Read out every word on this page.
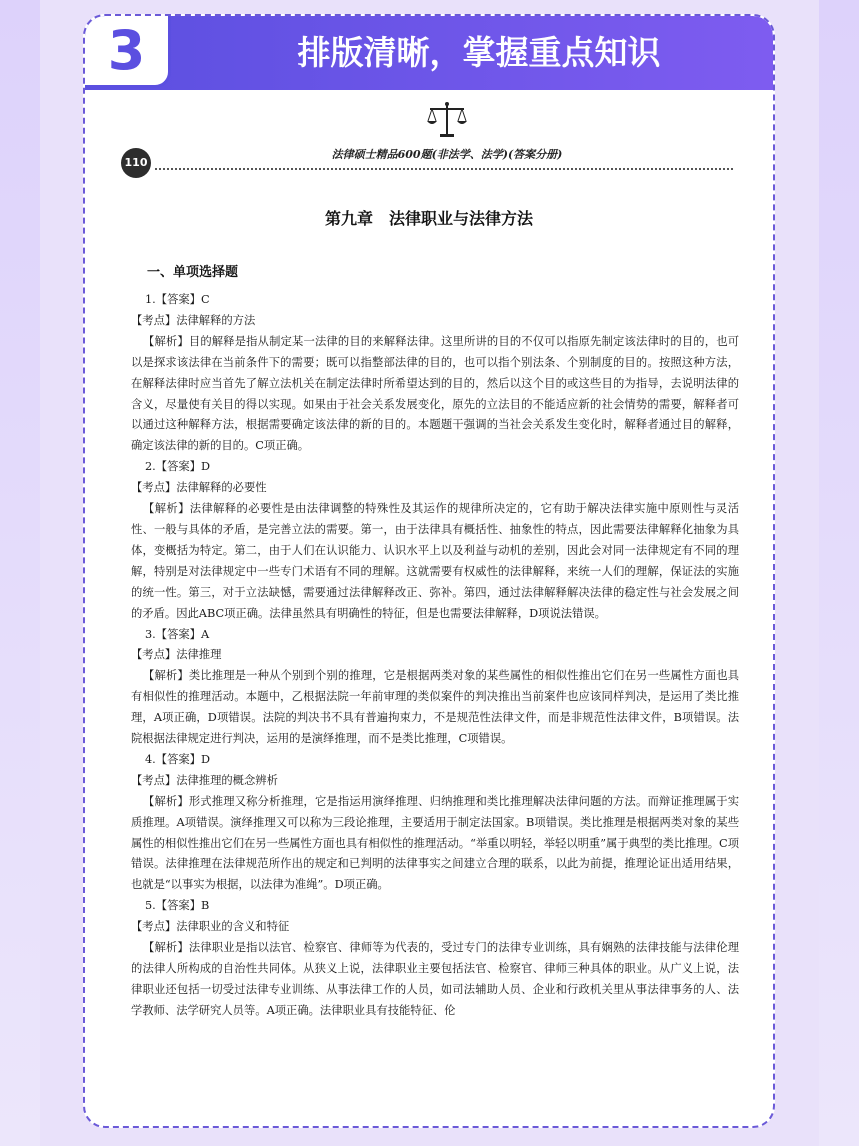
3	排版清晰，掌握重点知识
110
法律硕士精品600题(非法学、法学)(答案分册)
第九章　法律职业与法律方法
一、单项选择题

1.【答案】C

【考点】法律解释的方法

【解析】目的解释是指从制定某一法律的目的来解释法律。这里所讲的目的不仅可以指原先制定该法律时的目的，也可以是探求该法律在当前条件下的需要；既可以指整部法律的目的，也可以指个别法条、个别制度的目的。按照这种方法，在解释法律时应当首先了解立法机关在制定法律时所希望达到的目的，然后以这个目的或这些目的为指导，去说明法律的含义，尽量使有关目的得以实现。如果由于社会关系发展变化，原先的立法目的不能适应新的社会情势的需要，解释者可以通过这种解释方法，根据需要确定该法律的新的目的。本题题干强调的当社会关系发生变化时，解释者通过目的解释，确定该法律的新的目的。C项正确。

2.【答案】D

【考点】法律解释的必要性

【解析】法律解释的必要性是由法律调整的特殊性及其运作的规律所决定的，它有助于解决法律实施中原则性与灵活性、一般与具体的矛盾，是完善立法的需要。第一，由于法律具有概括性、抽象性的特点，因此需要法律解释化抽象为具体，变概括为特定。第二，由于人们在认识能力、认识水平上以及利益与动机的差别，因此会对同一法律规定有不同的理解，特别是对法律规定中一些专门术语有不同的理解。这就需要有权威性的法律解释，来统一人们的理解，保证法的实施的统一性。第三，对于立法缺憾，需要通过法律解释改正、弥补。第四，通过法律解释解决法律的稳定性与社会发展之间的矛盾。因此ABC项正确。法律虽然具有明确性的特征，但是也需要法律解释，D项说法错误。

3.【答案】A

【考点】法律推理

【解析】类比推理是一种从个别到个别的推理，它是根据两类对象的某些属性的相似性推出它们在另一些属性方面也具有相似性的推理活动。本题中，乙根据法院一年前审理的类似案件的判决推出当前案件也应该同样判决，是运用了类比推理，A项正确，D项错误。法院的判决书不具有普遍拘束力，不是规范性法律文件，而是非规范性法律文件，B项错误。法院根据法律规定进行判决，运用的是演绎推理，而不是类比推理，C项错误。

4.【答案】D

【考点】法律推理的概念辨析

【解析】形式推理又称分析推理，它是指运用演绎推理、归纳推理和类比推理解决法律问题的方法。而辩证推理属于实质推理。A项错误。演绎推理又可以称为三段论推理，主要适用于制定法国家。B项错误。类比推理是根据两类对象的某些属性的相似性推出它们在另一些属性方面也具有相似性的推理活动。“举重以明轻，举轻以明重”属于典型的类比推理。C项错误。法律推理在法律规范所作出的规定和已判明的法律事实之间建立合理的联系，以此为前提，推理论证出适用结果，也就是“以事实为根据，以法律为准绳”。D项正确。

5.【答案】B

【考点】法律职业的含义和特征

【解析】法律职业是指以法官、检察官、律师等为代表的，受过专门的法律专业训练，具有娴熟的法律技能与法律伦理的法律人所构成的自治性共同体。从狭义上说，法律职业主要包括法官、检察官、律师三种具体的职业。从广义上说，法律职业还包括一切受过法律专业训练、从事法律工作的人员，如司法辅助人员、企业和行政机关里从事法律事务的人、法学教师、法学研究人员等。A项正确。法律职业具有技能特征、伦
